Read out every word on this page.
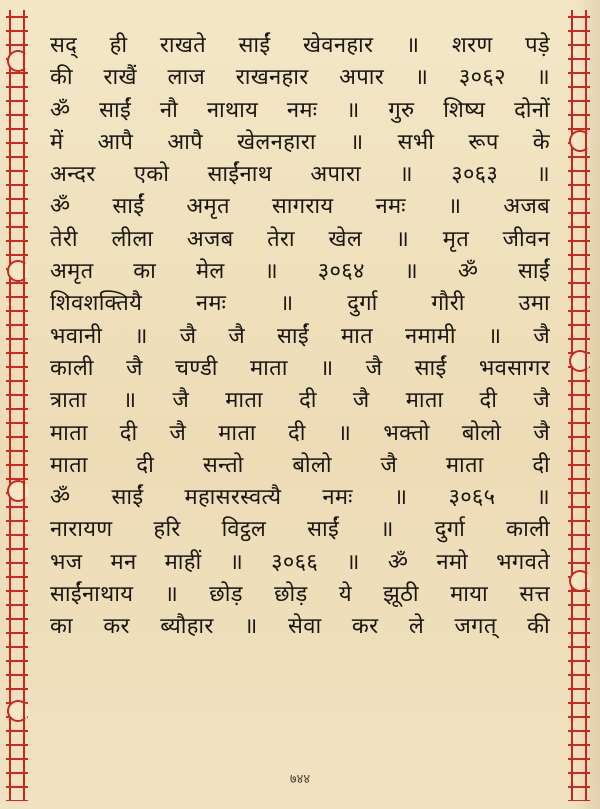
सद् ही राखते साईं खेवनहार ॥ शरण पड़े
की राखैं लाज राखनहार अपार ॥ ३०६२ ॥
ॐ साईं नौ नाथाय नमः ॥ गुरु शिष्य दोनों
में आपै आपै खेलनहारा ॥ सभी रूप के
अन्दर एको साईंनाथ अपारा ॥ ३०६३ ॥
ॐ साईं अमृत सागराय नमः ॥ अजब
तेरी लीला अजब तेरा खेल ॥ मृत जीवन
अमृत का मेल ॥ ३०६४ ॥ ॐ साईं
शिवशक्तियै नमः ॥ दुर्गा गौरी उमा
भवानी ॥ जै जै साईं मात नमामी ॥ जै
काली जै चण्डी माता ॥ जै साईं भवसागर
त्राता ॥ जै माता दी जै माता दी जै
माता दी जै माता दी ॥ भक्तो बोलो जै
माता दी सन्तो बोलो जै माता दी
ॐ साईं महासरस्वत्यै नमः ॥ ३०६५ ॥
नारायण हरि विट्ठल साईं ॥ दुर्गा काली
भज मन माहीं ॥ ३०६६ ॥ ॐ नमो भगवते
साईंनाथाय ॥ छोड़ छोड़ ये झूठी माया सत्त
का कर ब्यौहार ॥ सेवा कर ले जगत् की
७४४
